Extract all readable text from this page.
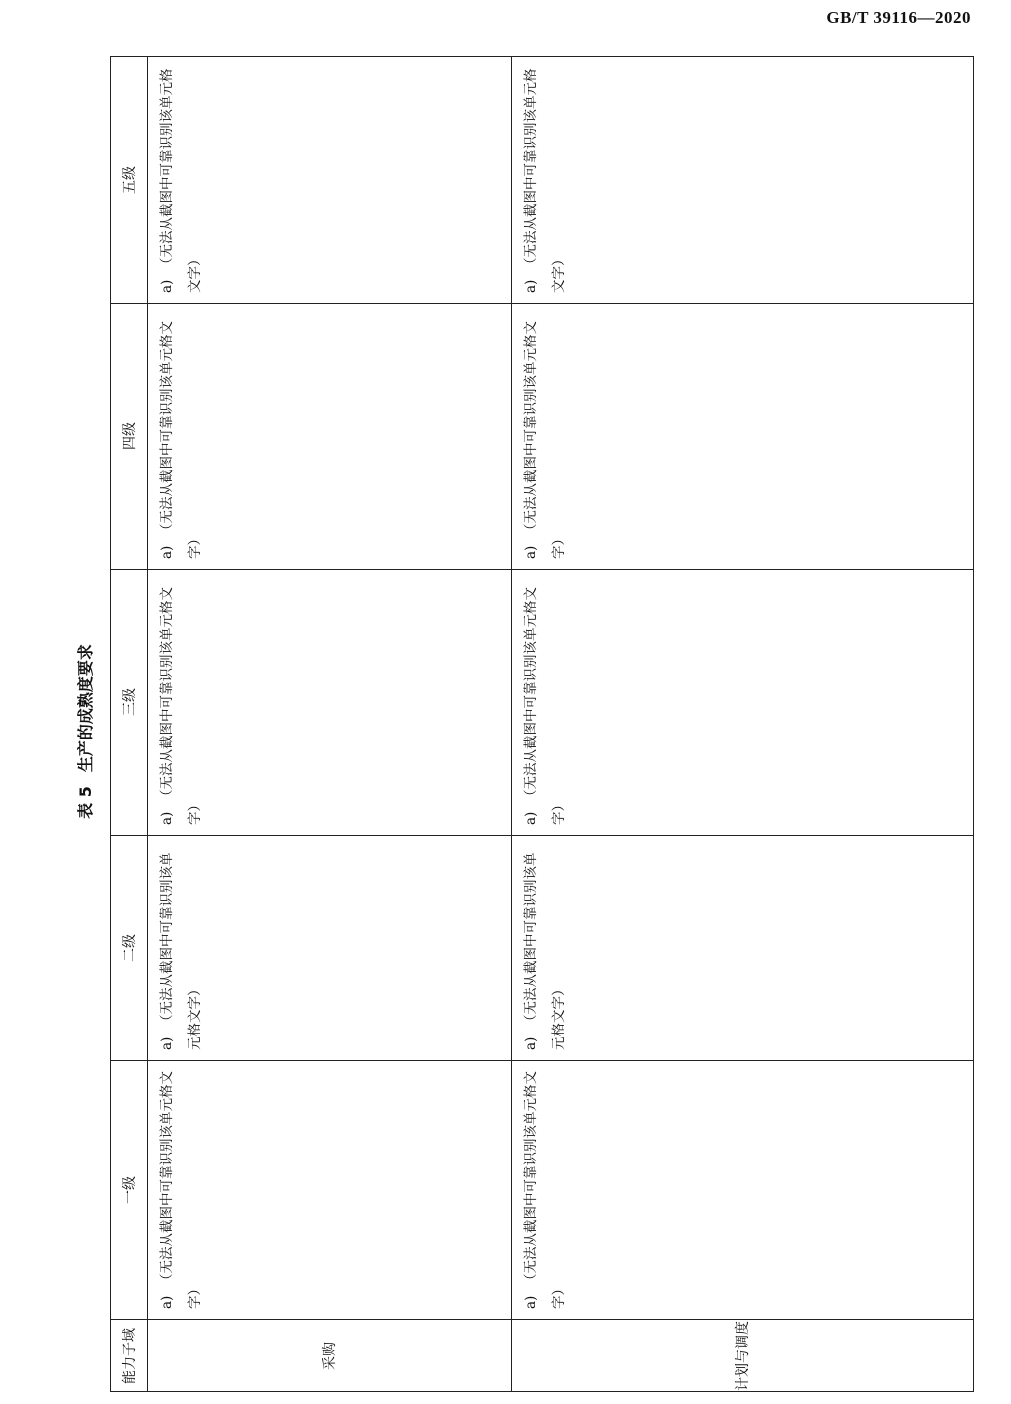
GB/T 39116—2020
表 5生产的成熟度要求
能力子域
一级
二级
三级
四级
五级
采购
a)（无法从截图中可靠识别该单元格文字）
a)（无法从截图中可靠识别该单元格文字）
a)（无法从截图中可靠识别该单元格文字）
a)（无法从截图中可靠识别该单元格文字）
a)（无法从截图中可靠识别该单元格文字）
计划与调度
a)（无法从截图中可靠识别该单元格文字）
a)（无法从截图中可靠识别该单元格文字）
a)（无法从截图中可靠识别该单元格文字）
a)（无法从截图中可靠识别该单元格文字）
a)（无法从截图中可靠识别该单元格文字）
